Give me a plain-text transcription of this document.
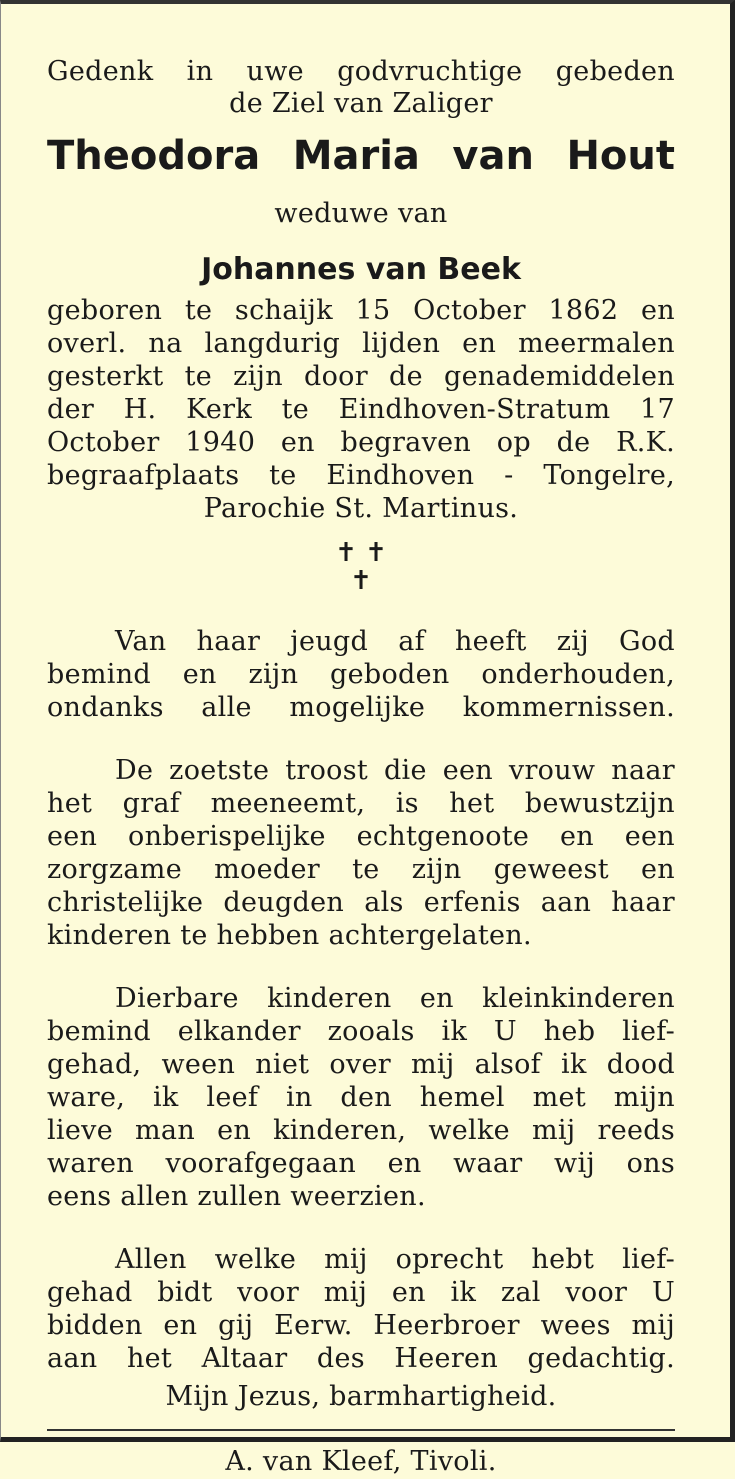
Gedenk in uwe godvruchtige gebeden
de Ziel van Zaliger
Theodora Maria van Hout
weduwe van
Johannes van Beek
geboren te schaijk 15 October 1862 en
overl. na langdurig lijden en meermalen
gesterkt te zijn door de genademiddelen
der H. Kerk te Eindhoven-Stratum 17
October 1940 en begraven op de R.K.
begraafplaats te Eindhoven - Tongelre,
Parochie St. Martinus.
✝ ✝
✝
Van haar jeugd af heeft zij God
bemind en zijn geboden onderhouden,
ondanks alle mogelijke kommernissen.
De zoetste troost die een vrouw naar
het graf meeneemt, is het bewustzijn
een onberispelijke echtgenoote en een
zorgzame moeder te zijn geweest en
christelijke deugden als erfenis aan haar
kinderen te hebben achtergelaten.
Dierbare kinderen en kleinkinderen
bemind elkander zooals ik U heb lief-
gehad, ween niet over mij alsof ik dood
ware, ik leef in den hemel met mijn
lieve man en kinderen, welke mij reeds
waren voorafgegaan en waar wij ons
eens allen zullen weerzien.
Allen welke mij oprecht hebt lief-
gehad bidt voor mij en ik zal voor U
bidden en gij Eerw. Heerbroer wees mij
aan het Altaar des Heeren gedachtig.
Mijn Jezus, barmhartigheid.
A. van Kleef, Tivoli.
